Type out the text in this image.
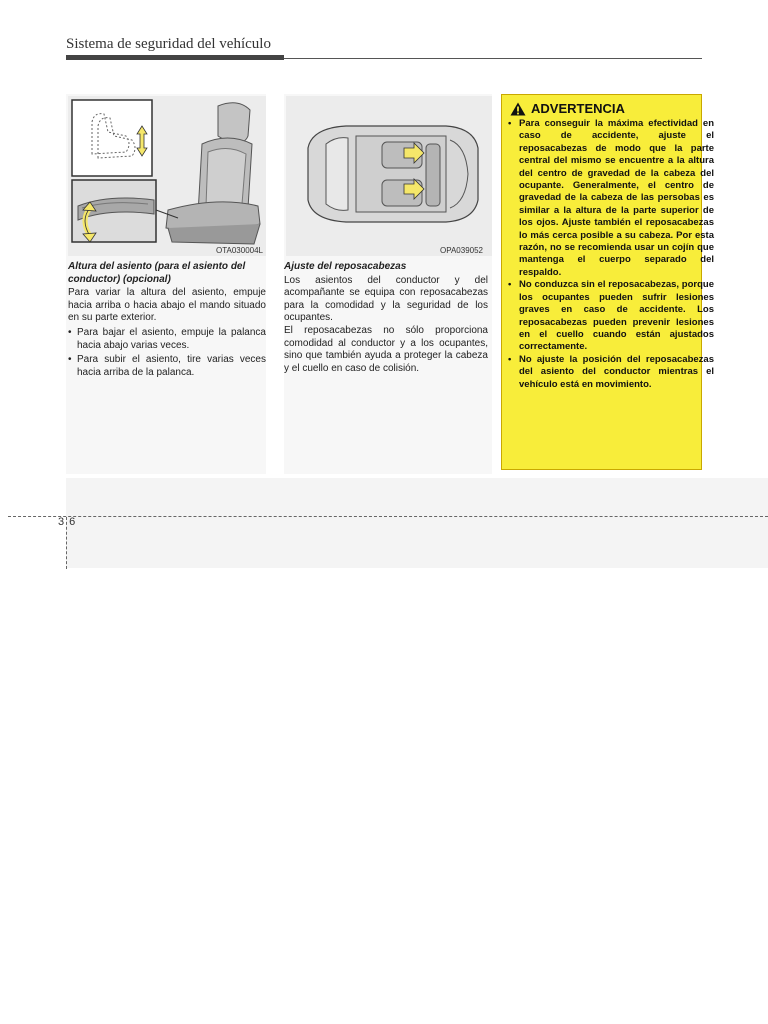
Sistema de seguridad del vehículo
OTA030004L	OPA039052
Altura del asiento (para el asiento del conductor) (opcional)

Para variar la altura del asiento, empuje hacia arriba o hacia abajo el mando situado en su parte exterior.

• Para bajar el asiento, empuje la palanca hacia abajo varias veces.
• Para subir el asiento, tire varias veces hacia arriba de la palanca.
Ajuste del reposacabezas

Los asientos del conductor y del acompañante se equipa con reposacabezas para la comodidad y la seguridad de los ocupantes.

El reposacabezas no sólo proporciona comodidad al conductor y a los ocupantes, sino que también ayuda a proteger la cabeza y el cuello en caso de colisión.

ADVERTENCIA
• Para conseguir la máxima efectividad en caso de accidente, ajuste el reposacabezas de modo que la parte central del mismo se encuentre a la altura del centro de gravedad de la cabeza del ocupante. Generalmente, el centro de gravedad de la cabeza de las persobas es similar a la altura de la parte superior de los ojos. Ajuste también el reposacabezas lo más cerca posible a su cabeza. Por esta razón, no se recomienda usar un cojín que mantenga el cuerpo separado del respaldo.
• No conduzca sin el reposacabezas, porque los ocupantes pueden sufrir lesiones graves en caso de accidente. Los reposacabezas pueden prevenir lesiones en el cuello cuando están ajustados correctamente.
• No ajuste la posición del reposacabezas del asiento del conductor mientras el vehículo está en movimiento.
3 6
